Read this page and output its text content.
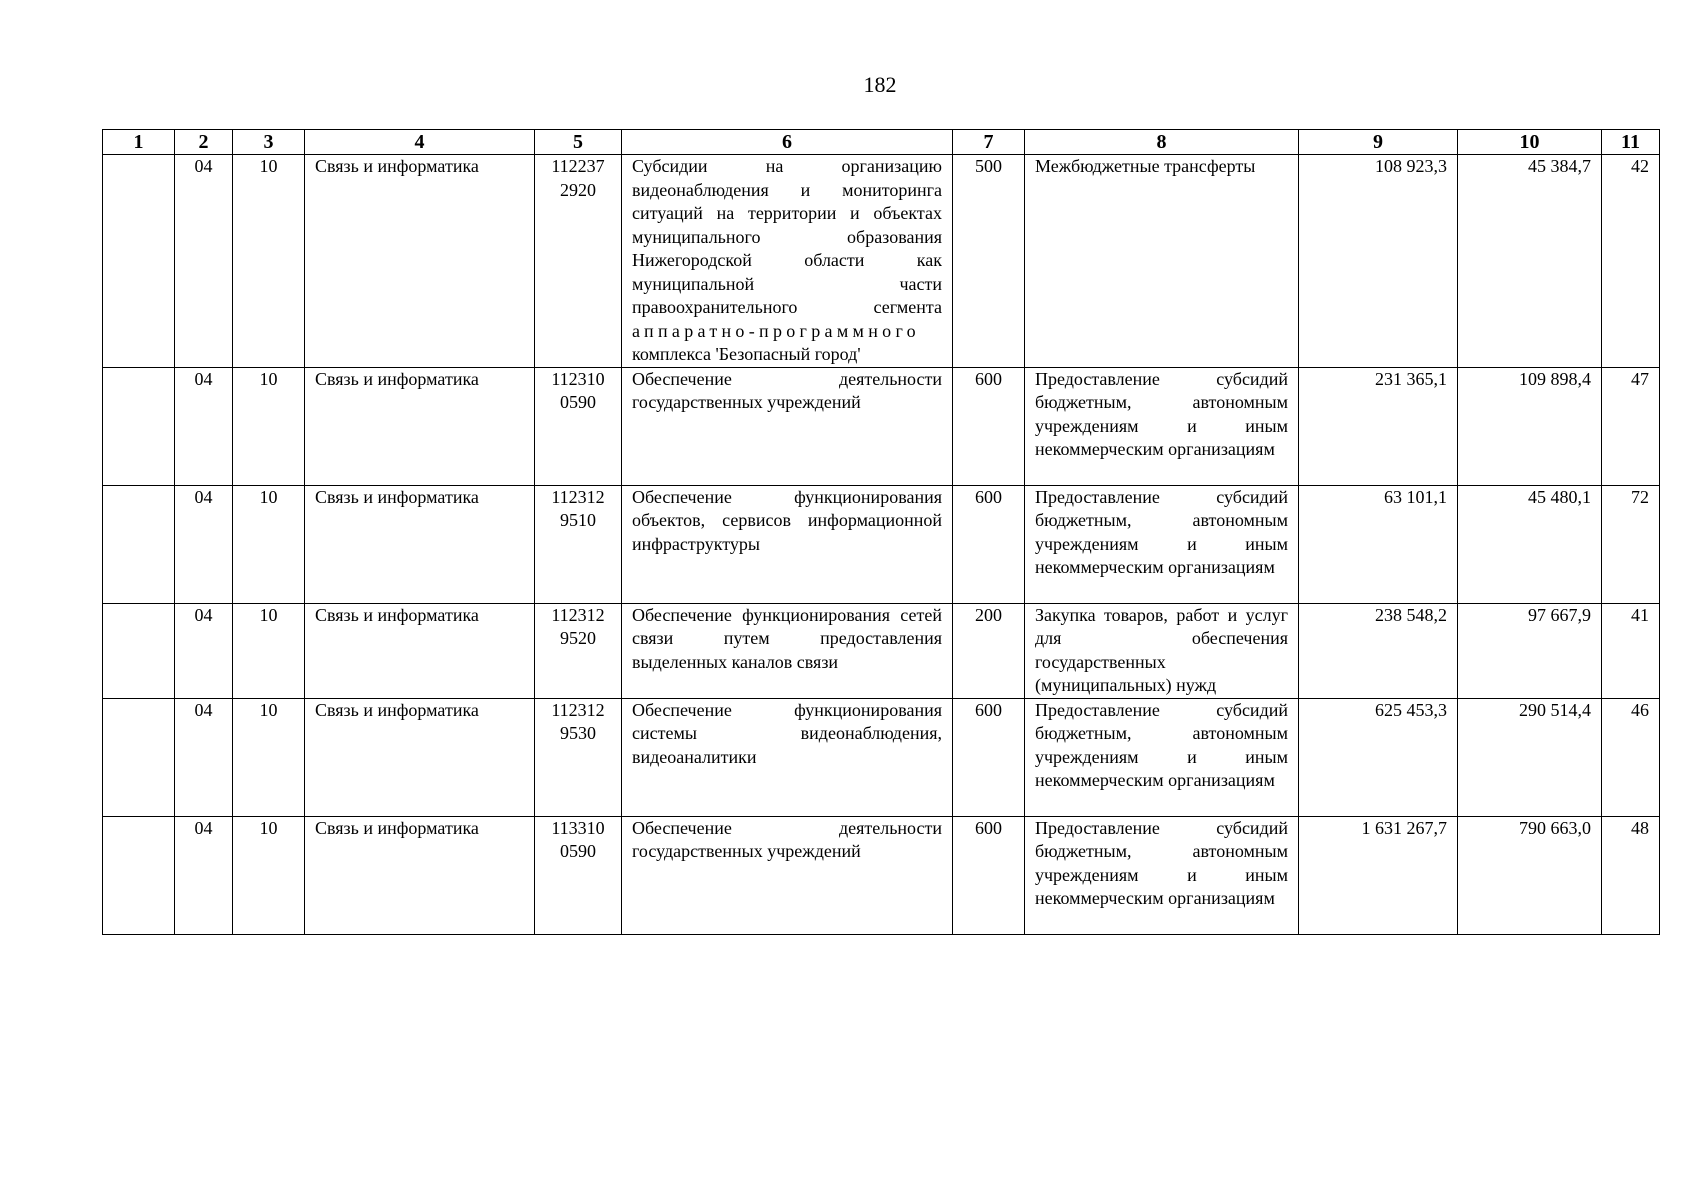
182
1	2	3	4	5	6	7	8	9	10	11
	04	10	Связь и информатика	112237 2920	Субсидии на организацию видеонаблюдения и мониторинга ситуаций на территории и объектах муниципального образования Нижегородской области как муниципальной части правоохранительного сегмента аппаратно-программного комплекса 'Безопасный город'	500	Межбюджетные трансферты	108 923,3	45 384,7	42
	04	10	Связь и информатика	112310 0590	Обеспечение деятельности государственных учреждений	600	Предоставление субсидий бюджетным, автономным учреждениям и иным некоммерческим организациям	231 365,1	109 898,4	47
	04	10	Связь и информатика	112312 9510	Обеспечение функционирования объектов, сервисов информационной инфраструктуры	600	Предоставление субсидий бюджетным, автономным учреждениям и иным некоммерческим организациям	63 101,1	45 480,1	72
	04	10	Связь и информатика	112312 9520	Обеспечение функционирования сетей связи путем предоставления выделенных каналов связи	200	Закупка товаров, работ и услуг для обеспечения государственных (муниципальных) нужд	238 548,2	97 667,9	41
	04	10	Связь и информатика	112312 9530	Обеспечение функционирования системы видеонаблюдения, видеоаналитики	600	Предоставление субсидий бюджетным, автономным учреждениям и иным некоммерческим организациям	625 453,3	290 514,4	46
	04	10	Связь и информатика	113310 0590	Обеспечение деятельности государственных учреждений	600	Предоставление субсидий бюджетным, автономным учреждениям и иным некоммерческим организациям	1 631 267,7	790 663,0	48
